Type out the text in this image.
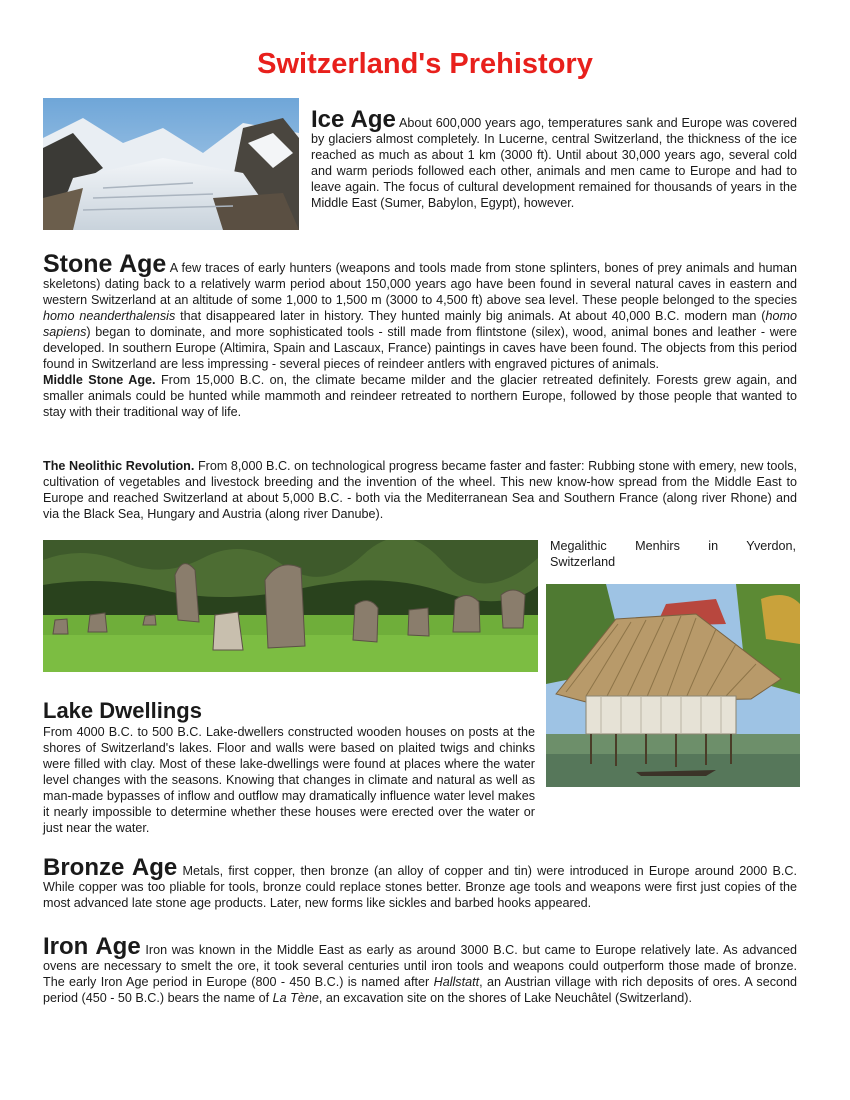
Switzerland's Prehistory

Ice Age About 600,000 years ago, temperatures sank and Europe was covered by glaciers almost completely. In Lucerne, central Switzerland, the thickness of the ice reached as much as about 1 km (3000 ft). Until about 30,000 years ago, several cold and warm periods followed each other, animals and men came to Europe and had to leave again. The focus of cultural development remained for thousands of years in the Middle East (Sumer, Babylon, Egypt), however.

Stone Age A few traces of early hunters (weapons and tools made from stone splinters, bones of prey animals and human skeletons) dating back to a relatively warm period about 150,000 years ago have been found in several natural caves in eastern and western Switzerland at an altitude of some 1,000 to 1,500 m (3000 to 4,500 ft) above sea level. These people belonged to the species homo neanderthalensis that disappeared later in history. They hunted mainly big animals. At about 40,000 B.C. modern man (homo sapiens) began to dominate, and more sophisticated tools - still made from flintstone (silex), wood, animal bones and leather - were developed. In southern Europe (Altimira, Spain and Lascaux, France) paintings in caves have been found. The objects from this period found in Switzerland are less impressing - several pieces of reindeer antlers with engraved pictures of animals.
Middle Stone Age. From 15,000 B.C. on, the climate became milder and the glacier retreated definitely. Forests grew again, and smaller animals could be hunted while mammoth and reindeer retreated to northern Europe, followed by those people that wanted to stay with their traditional way of life.

The Neolithic Revolution. From 8,000 B.C. on technological progress became faster and faster: Rubbing stone with emery, new tools, cultivation of vegetables and livestock breeding and the invention of the wheel. This new know-how spread from the Middle East to Europe and reached Switzerland at about 5,000 B.C. - both via the Mediterranean Sea and Southern France (along river Rhone) and via the Black Sea, Hungary and Austria (along river Danube).

Megalithic Menhirs in Yverdon,
Switzerland
Lake Dwellings

From 4000 B.C. to 500 B.C. Lake-dwellers constructed wooden houses on posts at the shores of Switzerland's lakes. Floor and walls were based on plaited twigs and chinks were filled with clay. Most of these lake-dwellings were found at places where the water level changes with the seasons. Knowing that changes in climate and natural as well as man-made bypasses of inflow and outflow may dramatically influence water level makes it nearly impossible to determine whether these houses were erected over the water or just near the water.

Bronze Age Metals, first copper, then bronze (an alloy of copper and tin) were introduced in Europe around 2000 B.C. While copper was too pliable for tools, bronze could replace stones better. Bronze age tools and weapons were first just copies of the most advanced late stone age products. Later, new forms like sickles and barbed hooks appeared.

Iron Age Iron was known in the Middle East as early as around 3000 B.C. but came to Europe relatively late. As advanced ovens are necessary to smelt the ore, it took several centuries until iron tools and weapons could outperform those made of bronze. The early Iron Age period in Europe (800 - 450 B.C.) is named after Hallstatt, an Austrian village with rich deposits of ores. A second period (450 - 50 B.C.) bears the name of La Tène, an excavation site on the shores of Lake Neuchâtel (Switzerland).
